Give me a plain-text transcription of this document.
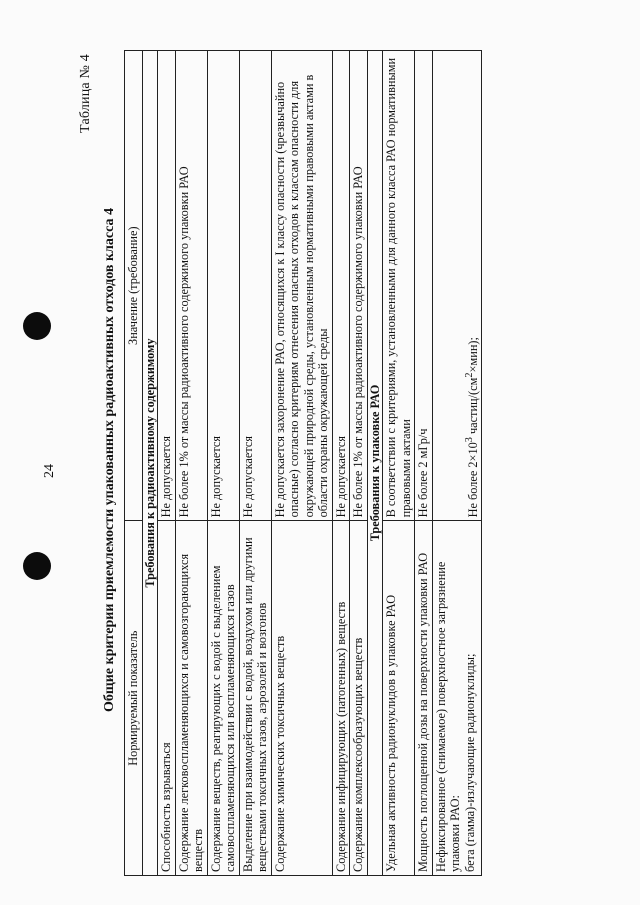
24
Таблица № 4
Общие критерии приемлемости упакованных радиоактивных отходов класса 4 Нормируемый показатель	Значение (требование)
Требования к радиоактивному содержимому	
Способность взрываться	Не допускается
Содержание легковоспламеняющихся и самовозгорающихся веществ	Не более 1% от массы радиоактивного содержимого упаковки РАО
Содержание веществ, реагирующих с водой с выделением самовоспламеняющихся или воспламеняющихся газов	Не допускается
Выделение при взаимодействии с водой, воздухом или другими веществами токсичных газов, аэрозолей и возгонов	Не допускается
Содержание химических токсичных веществ	Не допускается захоронение РАО, относящихся к I классу опасности (чрезвычайно опасные) согласно критериям отнесения опасных отходов к классам опасности для окружающей природной среды, установленным нормативными правовыми актами в области охраны окружающей среды
Содержание инфицирующих (патогенных) веществ	Не допускается
Содержание комплексообразующих веществ	Не более 1% от массы радиоактивного содержимого упаковки РАО
Требования к упаковке РАО	
Удельная активность радионуклидов в упаковке РАО	В соответствии с критериями, установленными для данного класса РАО нормативными правовыми актами
Мощность поглощенной дозы на поверхности упаковки РАО	Не более 2 мГр/ч

Нефиксированное (снимаемое) поверхностное загрязнение упаковки РАО: бета (гамма)-излучающие радионуклиды;	Не более $2\times 10^3$ частиц/$(см^2\times мин)$;
